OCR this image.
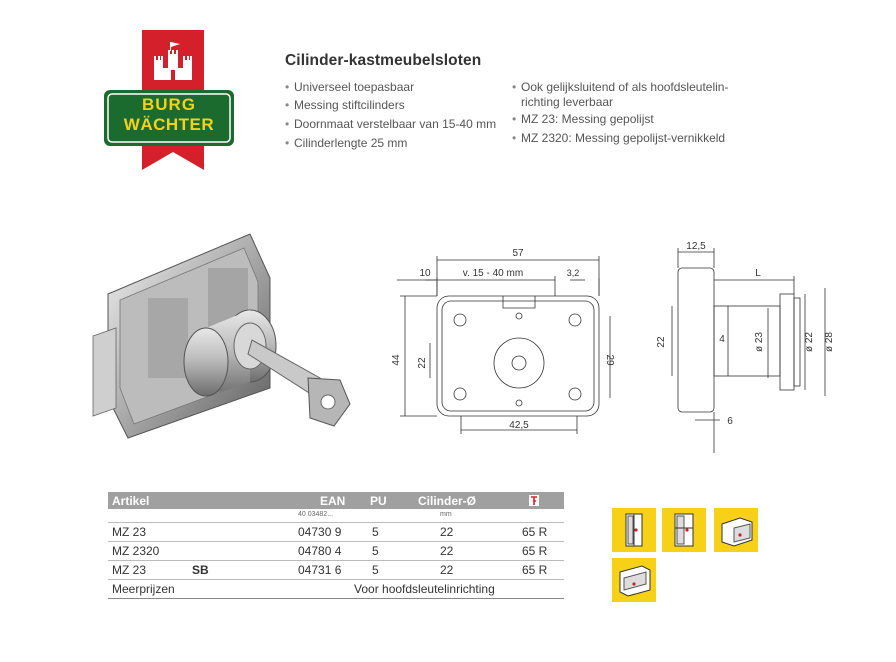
BURG
WÄCHTER
Cilinder-kastmeubelsloten
• Universeel toepasbaar
• Messing stiftcilinders
• Doornmaat verstelbaar van 15-40 mm
• Cilinderlengte 25 mm
• Ook gelijksluitend of als hoofdsleutelin-
richting leverbaar
• MZ 23: Messing gepolijst
• MZ 2320: Messing gepolijst-vernikkeld
57
10	v. 15 - 40 mm	3,2
44 22	29
42,5
12,5
L
22	4	ø 23	ø 22 ø 28
6
Artikel	EAN PU	Cilinder-Ø
40 03482...	mm
MZ 23	04730 9	5	22	65 R
MZ 2320	04780 4	5	22	65 R
MZ 23	SB	04731 6	5	22	65 R
Meerprijzen	Voor hoofdsleutelinrichting
